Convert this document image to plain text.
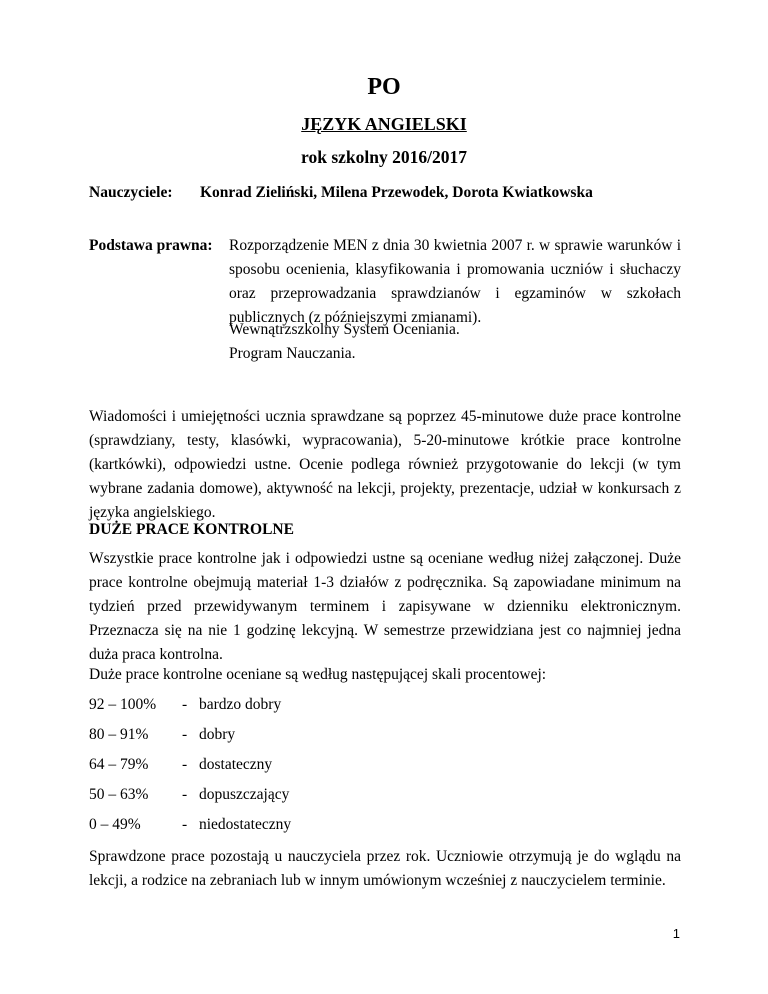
PO
JĘZYK ANGIELSKI
rok szkolny 2016/2017
Nauczyciele: Konrad Zieliński, Milena Przewodek, Dorota Kwiatkowska
Podstawa prawna: Rozporządzenie MEN z dnia 30 kwietnia 2007 r. w sprawie warunków i sposobu ocenienia, klasyfikowania i promowania uczniów i słuchaczy oraz przeprowadzania sprawdzianów i egzaminów w szkołach publicznych (z późniejszymi zmianami).
Wewnątrzszkolny System Oceniania.
Program Nauczania.
Wiadomości i umiejętności ucznia sprawdzane są poprzez 45-minutowe duże prace kontrolne (sprawdziany, testy, klasówki, wypracowania), 5-20-minutowe krótkie prace kontrolne (kartkówki), odpowiedzi ustne. Ocenie podlega również przygotowanie do lekcji (w tym wybrane zadania domowe), aktywność na lekcji, projekty, prezentacje, udział w konkursach z języka angielskiego.
DUŻE PRACE KONTROLNE
Wszystkie prace kontrolne jak i odpowiedzi ustne są oceniane według niżej załączonej. Duże prace kontrolne obejmują materiał 1-3 działów z podręcznika. Są zapowiadane minimum na tydzień przed przewidywanym terminem i zapisywane w dzienniku elektronicznym. Przeznacza się na nie 1 godzinę lekcyjną. W semestrze przewidziana jest co najmniej jedna duża praca kontrolna.
Duże prace kontrolne oceniane są według następującej skali procentowej:
92 – 100% - bardzo dobry
80 – 91% - dobry
64 – 79% - dostateczny
50 – 63% - dopuszczający
0 – 49%	- niedostateczny
Sprawdzone prace pozostają u nauczyciela przez rok. Uczniowie otrzymują je do wglądu na lekcji, a rodzice na zebraniach lub w innym umówionym wcześniej z nauczycielem terminie.
1
